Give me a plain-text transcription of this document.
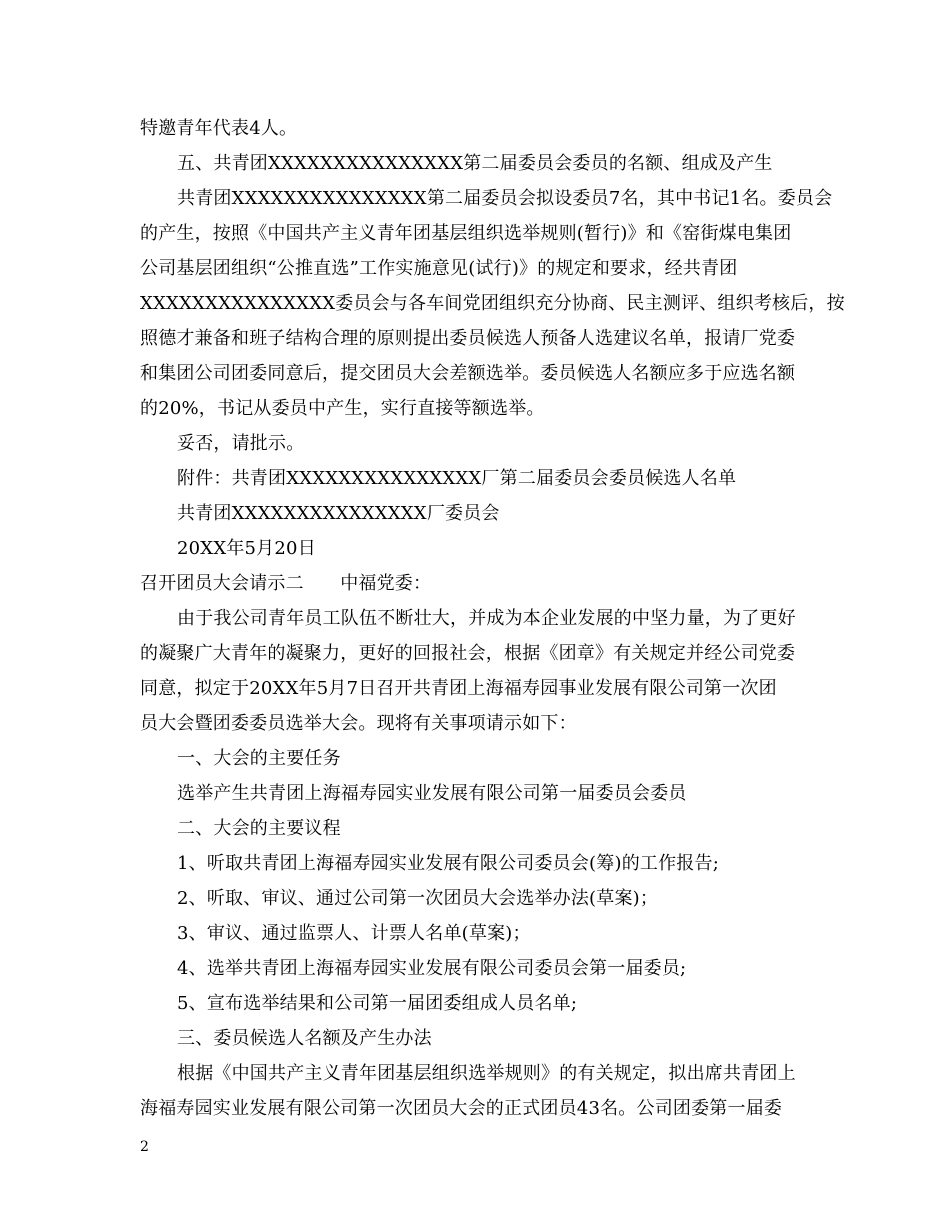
特邀青年代表4人。
五、共青团XXXXXXXXXXXXXXX第二届委员会委员的名额、组成及产生
共青团XXXXXXXXXXXXXXX第二届委员会拟设委员7名，其中书记1名。委员会
的产生，按照《中国共产主义青年团基层组织选举规则(暂行)》和《窑街煤电集团
公司基层团组织“公推直选”工作实施意见(试行)》的规定和要求，经共青团
XXXXXXXXXXXXXXX委员会与各车间党团组织充分协商、民主测评、组织考核后，按
照德才兼备和班子结构合理的原则提出委员候选人预备人选建议名单，报请厂党委
和集团公司团委同意后，提交团员大会差额选举。委员候选人名额应多于应选名额
的20%，书记从委员中产生，实行直接等额选举。
妥否，请批示。
附件：共青团XXXXXXXXXXXXXXX厂第二届委员会委员候选人名单
共青团XXXXXXXXXXXXXXX厂委员会
20XX年5月20日
召开团员大会请示二　　中福党委：
由于我公司青年员工队伍不断壮大，并成为本企业发展的中坚力量，为了更好
的凝聚广大青年的凝聚力，更好的回报社会，根据《团章》有关规定并经公司党委
同意，拟定于20XX年5月7日召开共青团上海福寿园事业发展有限公司第一次团
员大会暨团委委员选举大会。现将有关事项请示如下：
一、大会的主要任务
选举产生共青团上海福寿园实业发展有限公司第一届委员会委员
二、大会的主要议程
1、听取共青团上海福寿园实业发展有限公司委员会(筹)的工作报告;
2、听取、审议、通过公司第一次团员大会选举办法(草案)；
3、审议、通过监票人、计票人名单(草案)；
4、选举共青团上海福寿园实业发展有限公司委员会第一届委员;
5、宣布选举结果和公司第一届团委组成人员名单;
三、委员候选人名额及产生办法
根据《中国共产主义青年团基层组织选举规则》的有关规定，拟出席共青团上
海福寿园实业发展有限公司第一次团员大会的正式团员43名。公司团委第一届委
2
